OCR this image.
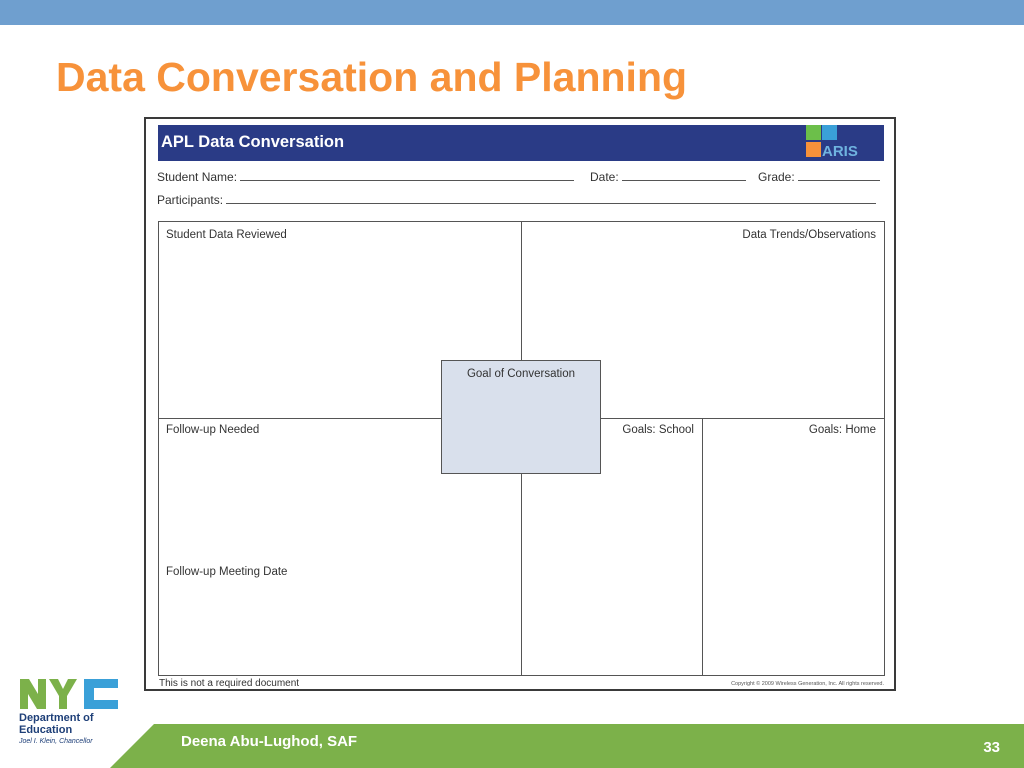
Data Conversation and Planning
APL Data Conversation
ARIS
Student Name:	Date:	Grade:
Participants:
Student Data Reviewed	Data Trends/Observations
Follow-up Needed	Goals: School	Goals: Home
Follow-up Meeting Date
Goal of Conversation
This is not a required document	Copyright © 2009 Wireless Generation, Inc. All rights reserved.
Department of
Education
Joel I. Klein, Chancellor	Deena Abu-Lughod, SAF	33
